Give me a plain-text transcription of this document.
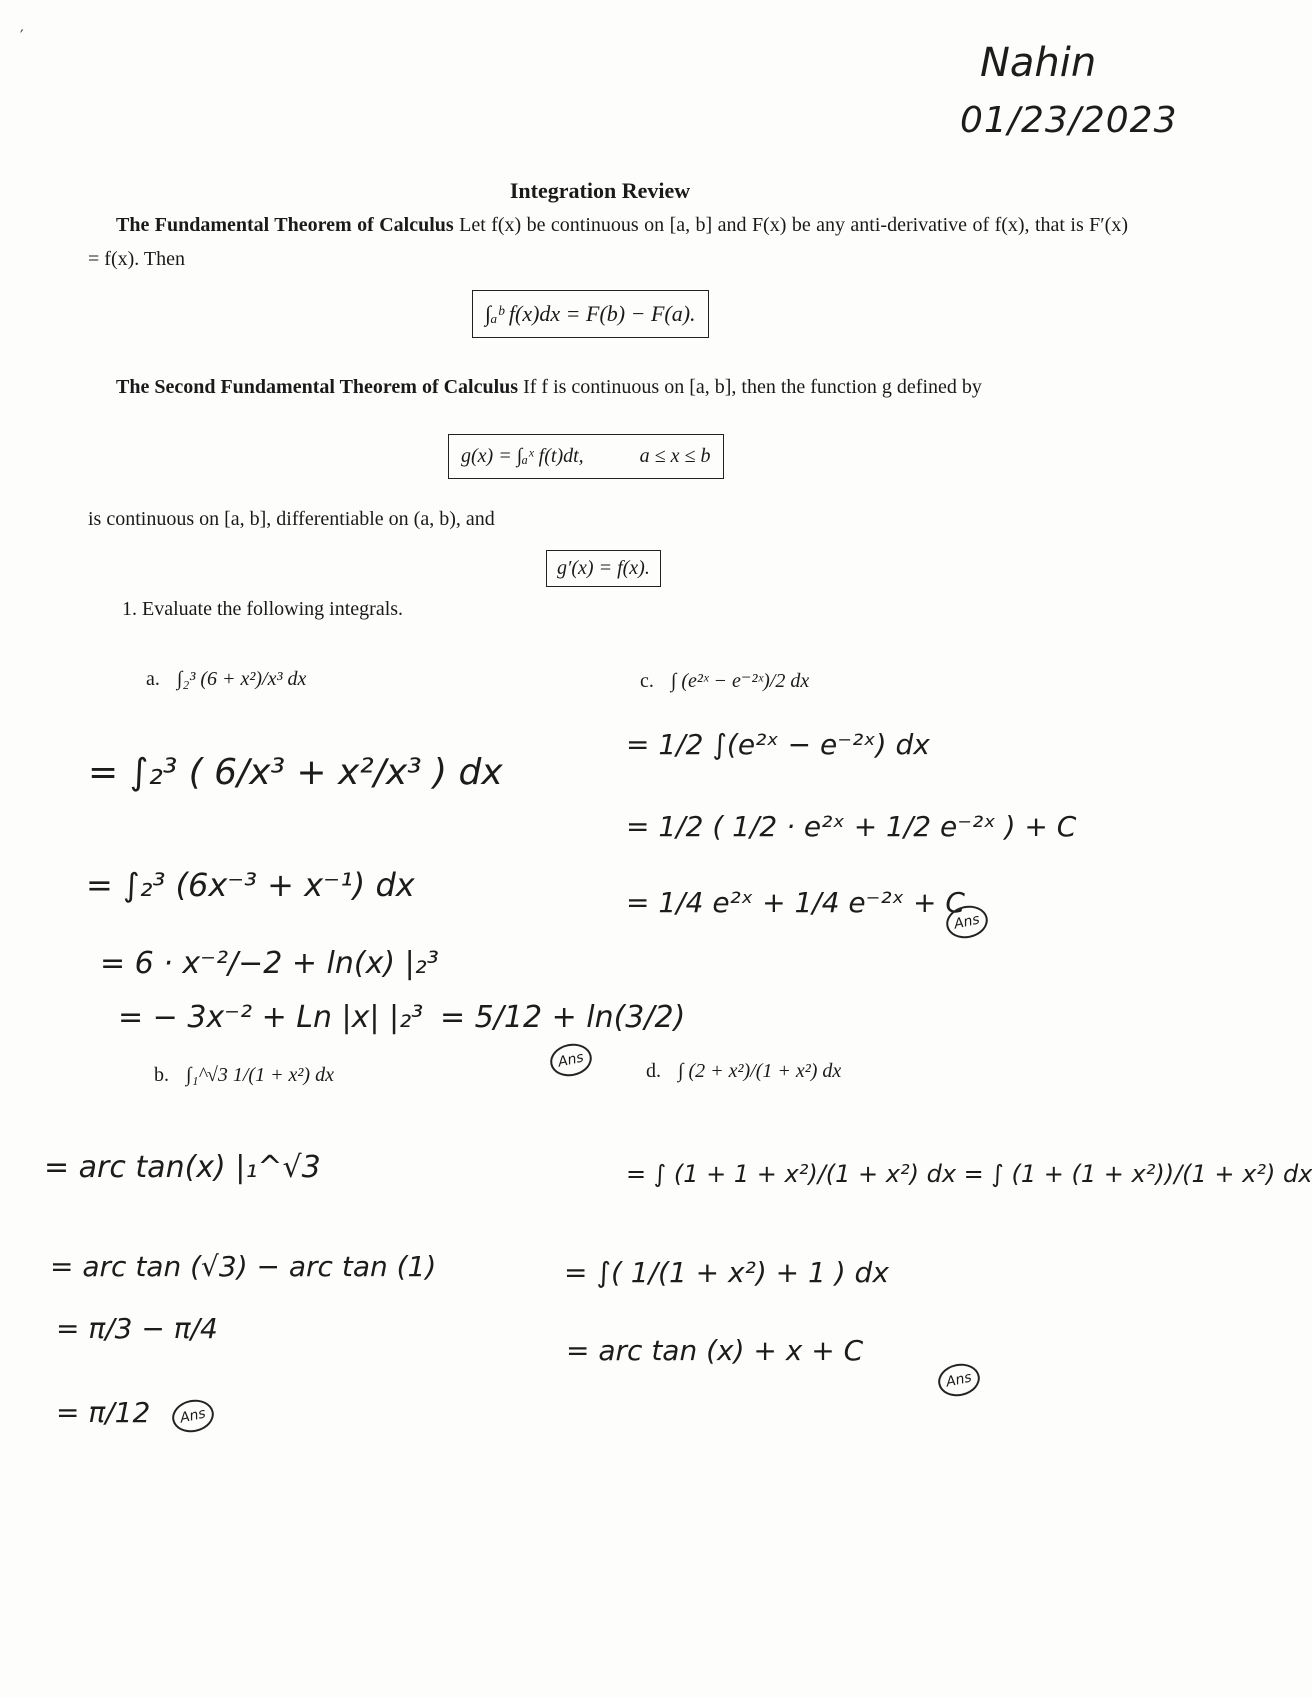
′
Nahin
01/23/2023
Integration Review
The Fundamental Theorem of Calculus Let f(x) be continuous on [a, b] and F(x) be any anti-derivative of f(x), that is F′(x) = f(x). Then
∫ₐᵇ f(x)dx = F(b) − F(a).
The Second Fundamental Theorem of Calculus If f is continuous on [a, b], then the function g defined by
g(x) = ∫ₐˣ f(t)dt,	a ≤ x ≤ b
is continuous on [a, b], differentiable on (a, b), and
g′(x) = f(x).
1. Evaluate the following integrals.
a. ∫₂³ (6 + x²)/x³ dx
= ∫₂³ ( 6/x³ + x²/x³ ) dx
= ∫₂³ (6x⁻³ + x⁻¹) dx
= 6 · x⁻²/−2 + ln(x) |₂³
= − 3x⁻² + Ln |x| |₂³ = 5/12 + ln(3/2)
Ans
b. ∫₁^√3 1/(1 + x²) dx
= arc tan(x) |₁^√3
= arc tan (√3) − arc tan (1)
= π/3 − π/4
= π/12	Ans
c. ∫ (e²ˣ − e⁻²ˣ)/2 dx
= 1/2 ∫(e²ˣ − e⁻²ˣ) dx
= 1/2 ( 1/2 · e²ˣ + 1/2 e⁻²ˣ ) + C
= 1/4 e²ˣ + 1/4 e⁻²ˣ + C
Ans
d. ∫ (2 + x²)/(1 + x²) dx
= ∫ (1 + 1 + x²)/(1 + x²) dx = ∫ (1 + (1 + x²))/(1 + x²) dx
= ∫( 1/(1 + x²) + 1 ) dx
= arc tan (x) + x + C
Ans
